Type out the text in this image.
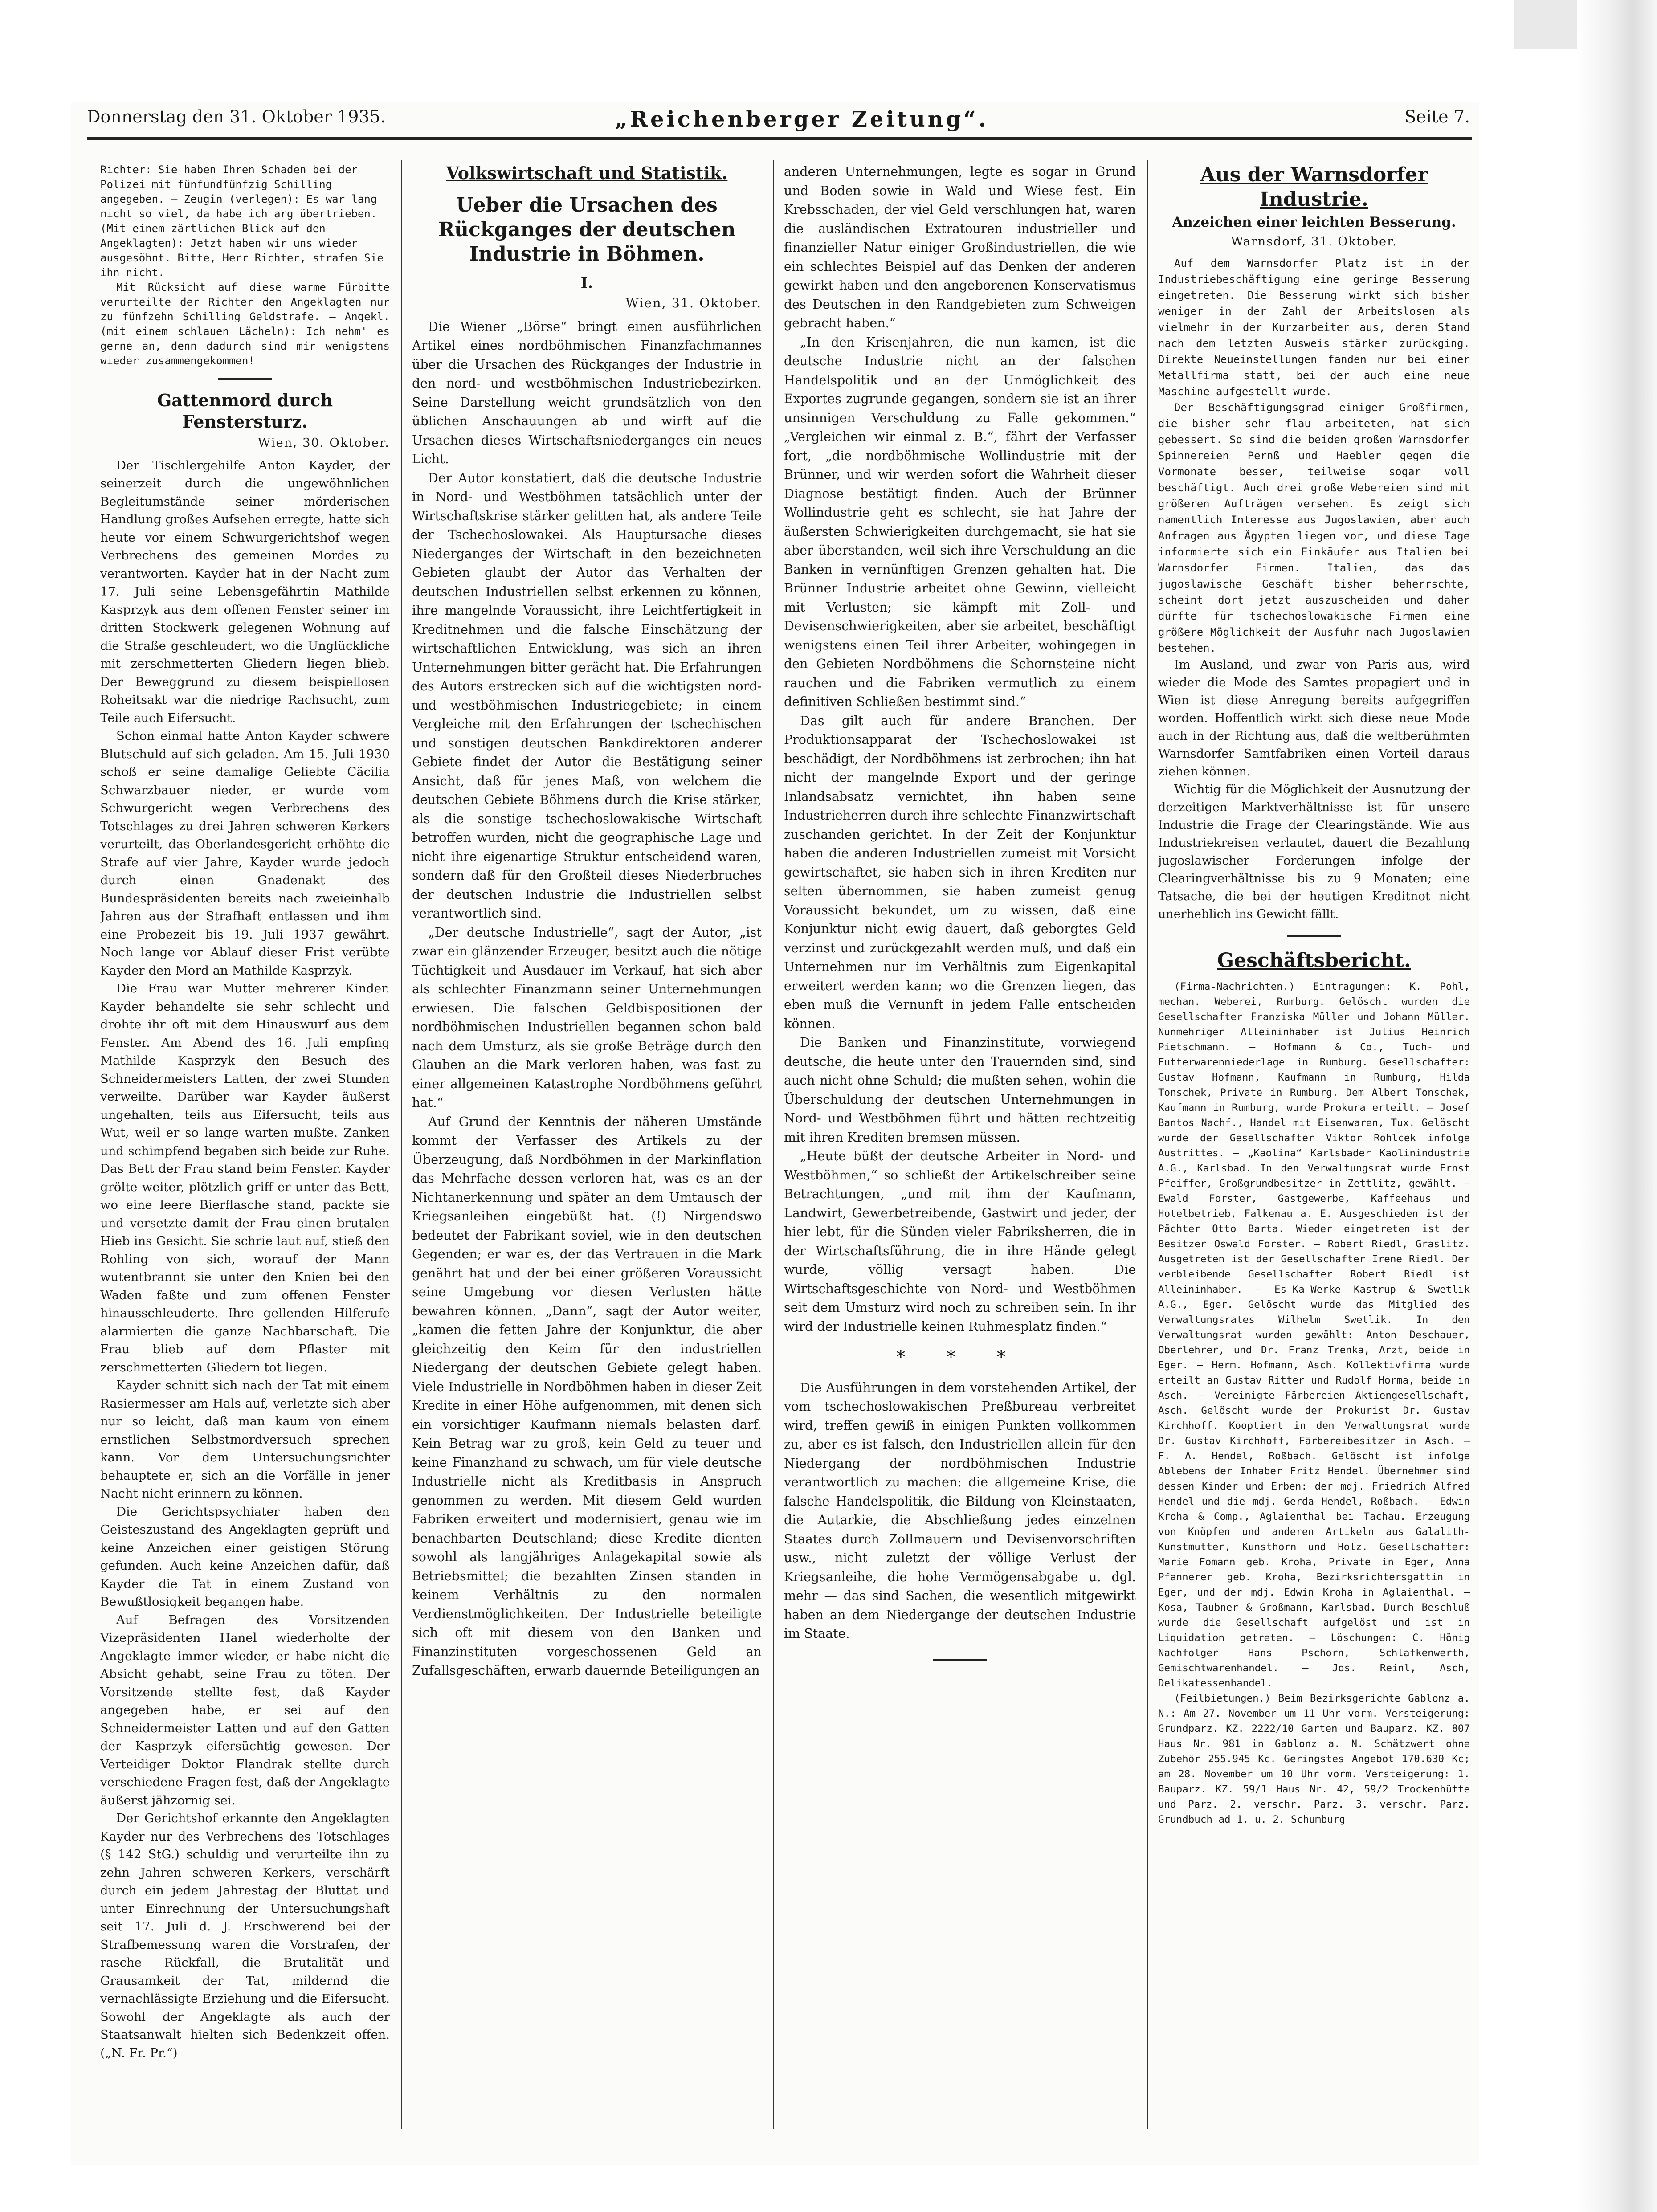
Donnerstag den 31. Oktober 1935.	„Reichenberger Zeitung“.	Seite 7.

Richter: Sie haben Ihren Schaden bei der Polizei mit fünfundfünfzig Schilling angegeben. — Zeugin (verlegen): Es war lang nicht so viel, da habe ich arg übertrieben. (Mit einem zärtlichen Blick auf den Angeklagten): Jetzt haben wir uns wieder ausgesöhnt. Bitte, Herr Richter, strafen Sie ihn nicht.

Mit Rücksicht auf diese warme Fürbitte verurteilte der Richter den Angeklagten nur zu fünfzehn Schilling Geldstrafe. — Angekl. (mit einem schlauen Lächeln): Ich nehm' es gerne an, denn dadurch sind mir wenigstens wieder zusammengekommen!

Gattenmord durch Fenstersturz.
Wien, 30. Oktober.

Der Tischlergehilfe Anton Kayder, der seinerzeit durch die ungewöhnlichen Begleitumstände seiner mörderischen Handlung großes Aufsehen erregte, hatte sich heute vor einem Schwurgerichtshof wegen Verbrechens des gemeinen Mordes zu verantworten. Kayder hat in der Nacht zum 17. Juli seine Lebensgefährtin Mathilde Kasprzyk aus dem offenen Fenster seiner im dritten Stockwerk gelegenen Wohnung auf die Straße geschleudert, wo die Unglückliche mit zerschmetterten Gliedern liegen blieb. Der Beweggrund zu diesem beispiellosen Roheitsakt war die niedrige Rachsucht, zum Teile auch Eifersucht.

Schon einmal hatte Anton Kayder schwere Blutschuld auf sich geladen. Am 15. Juli 1930 schoß er seine damalige Geliebte Cäcilia Schwarzbauer nieder, er wurde vom Schwurgericht wegen Verbrechens des Totschlages zu drei Jahren schweren Kerkers verurteilt, das Oberlandesgericht erhöhte die Strafe auf vier Jahre, Kayder wurde jedoch durch einen Gnadenakt des Bundespräsidenten bereits nach zweieinhalb Jahren aus der Strafhaft entlassen und ihm eine Probezeit bis 19. Juli 1937 gewährt. Noch lange vor Ablauf dieser Frist verübte Kayder den Mord an Mathilde Kasprzyk.

Die Frau war Mutter mehrerer Kinder. Kayder behandelte sie sehr schlecht und drohte ihr oft mit dem Hinauswurf aus dem Fenster. Am Abend des 16. Juli empfing Mathilde Kasprzyk den Besuch des Schneidermeisters Latten, der zwei Stunden verweilte. Darüber war Kayder äußerst ungehalten, teils aus Eifersucht, teils aus Wut, weil er so lange warten mußte. Zanken und schimpfend begaben sich beide zur Ruhe. Das Bett der Frau stand beim Fenster. Kayder grölte weiter, plötzlich griff er unter das Bett, wo eine leere Bierflasche stand, packte sie und versetzte damit der Frau einen brutalen Hieb ins Gesicht. Sie schrie laut auf, stieß den Rohling von sich, worauf der Mann wutentbrannt sie unter den Knien bei den Waden faßte und zum offenen Fenster hinausschleuderte. Ihre gellenden Hilferufe alarmierten die ganze Nachbarschaft. Die Frau blieb auf dem Pflaster mit zerschmetterten Gliedern tot liegen.

Kayder schnitt sich nach der Tat mit einem Rasiermesser am Hals auf, verletzte sich aber nur so leicht, daß man kaum von einem ernstlichen Selbstmordversuch sprechen kann. Vor dem Untersuchungsrichter behauptete er, sich an die Vorfälle in jener Nacht nicht erinnern zu können.

Die Gerichtspsychiater haben den Geisteszustand des Angeklagten geprüft und keine Anzeichen einer geistigen Störung gefunden. Auch keine Anzeichen dafür, daß Kayder die Tat in einem Zustand von Bewußtlosigkeit begangen habe.

Auf Befragen des Vorsitzenden Vizepräsidenten Hanel wiederholte der Angeklagte immer wieder, er habe nicht die Absicht gehabt, seine Frau zu töten. Der Vorsitzende stellte fest, daß Kayder angegeben habe, er sei auf den Schneidermeister Latten und auf den Gatten der Kasprzyk eifersüchtig gewesen. Der Verteidiger Doktor Flandrak stellte durch verschiedene Fragen fest, daß der Angeklagte äußerst jähzornig sei.

Der Gerichtshof erkannte den Angeklagten Kayder nur des Verbrechens des Totschlages (§ 142 StG.) schuldig und verurteilte ihn zu zehn Jahren schweren Kerkers, verschärft durch ein jedem Jahrestag der Bluttat und unter Einrechnung der Untersuchungshaft seit 17. Juli d. J. Erschwerend bei der Strafbemessung waren die Vorstrafen, der rasche Rückfall, die Brutalität und Grausamkeit der Tat, mildernd die vernachlässigte Erziehung und die Eifersucht. Sowohl der Angeklagte als auch der Staatsanwalt hielten sich Bedenkzeit offen. („N. Fr. Pr.“)

Volkswirtschaft und Statistik.
Ueber die Ursachen des Rückganges der deutschen Industrie in Böhmen.
I.
Wien, 31. Oktober.

Die Wiener „Börse“ bringt einen ausführlichen Artikel eines nordböhmischen Finanzfachmannes über die Ursachen des Rückganges der Industrie in den nord- und westböhmischen Industriebezirken. Seine Darstellung weicht grundsätzlich von den üblichen Anschauungen ab und wirft auf die Ursachen dieses Wirtschaftsniederganges ein neues Licht.

Der Autor konstatiert, daß die deutsche Industrie in Nord- und Westböhmen tatsächlich unter der Wirtschaftskrise stärker gelitten hat, als andere Teile der Tschechoslowakei. Als Hauptursache dieses Niederganges der Wirtschaft in den bezeichneten Gebieten glaubt der Autor das Verhalten der deutschen Industriellen selbst erkennen zu können, ihre mangelnde Voraussicht, ihre Leichtfertigkeit in Kreditnehmen und die falsche Einschätzung der wirtschaftlichen Entwicklung, was sich an ihren Unternehmungen bitter gerächt hat. Die Erfahrungen des Autors erstrecken sich auf die wichtigsten nord- und westböhmischen Industriegebiete; in einem Vergleiche mit den Erfahrungen der tschechischen und sonstigen deutschen Bankdirektoren anderer Gebiete findet der Autor die Bestätigung seiner Ansicht, daß für jenes Maß, von welchem die deutschen Gebiete Böhmens durch die Krise stärker, als die sonstige tschechoslowakische Wirtschaft betroffen wurden, nicht die geographische Lage und nicht ihre eigenartige Struktur entscheidend waren, sondern daß für den Großteil dieses Niederbruches der deutschen Industrie die Industriellen selbst verantwortlich sind.

„Der deutsche Industrielle“, sagt der Autor, „ist zwar ein glänzender Erzeuger, besitzt auch die nötige Tüchtigkeit und Ausdauer im Verkauf, hat sich aber als schlechter Finanzmann seiner Unternehmungen erwiesen. Die falschen Geldbispositionen der nordböhmischen Industriellen begannen schon bald nach dem Umsturz, als sie große Beträge durch den Glauben an die Mark verloren haben, was fast zu einer allgemeinen Katastrophe Nordböhmens geführt hat.“

Auf Grund der Kenntnis der näheren Umstände kommt der Verfasser des Artikels zu der Überzeugung, daß Nordböhmen in der Markinflation das Mehrfache dessen verloren hat, was es an der Nichtanerkennung und später an dem Umtausch der Kriegsanleihen eingebüßt hat. (!) Nirgendswo bedeutet der Fabrikant soviel, wie in den deutschen Gegenden; er war es, der das Vertrauen in die Mark genährt hat und der bei einer größeren Voraussicht seine Umgebung vor diesen Verlusten hätte bewahren können. „Dann“, sagt der Autor weiter, „kamen die fetten Jahre der Konjunktur, die aber gleichzeitig den Keim für den industriellen Niedergang der deutschen Gebiete gelegt haben. Viele Industrielle in Nordböhmen haben in dieser Zeit Kredite in einer Höhe aufgenommen, mit denen sich ein vorsichtiger Kaufmann niemals belasten darf. Kein Betrag war zu groß, kein Geld zu teuer und keine Finanzhand zu schwach, um für viele deutsche Industrielle nicht als Kreditbasis in Anspruch genommen zu werden. Mit diesem Geld wurden Fabriken erweitert und modernisiert, genau wie im benachbarten Deutschland; diese Kredite dienten sowohl als langjähriges Anlagekapital sowie als Betriebsmittel; die bezahlten Zinsen standen in keinem Verhältnis zu den normalen Verdienstmöglichkeiten. Der Industrielle beteiligte sich oft mit diesem von den Banken und Finanzinstituten vorgeschossenen Geld an Zufallsgeschäften, erwarb dauernde Beteiligungen an

anderen Unternehmungen, legte es sogar in Grund und Boden sowie in Wald und Wiese fest. Ein Krebsschaden, der viel Geld verschlungen hat, waren die ausländischen Extratouren industrieller und finanzieller Natur einiger Großindustriellen, die wie ein schlechtes Beispiel auf das Denken der anderen gewirkt haben und den angeborenen Konservatismus des Deutschen in den Randgebieten zum Schweigen gebracht haben.“

„In den Krisenjahren, die nun kamen, ist die deutsche Industrie nicht an der falschen Handelspolitik und an der Unmöglichkeit des Exportes zugrunde gegangen, sondern sie ist an ihrer unsinnigen Verschuldung zu Falle gekommen.“ „Vergleichen wir einmal z. B.“, fährt der Verfasser fort, „die nordböhmische Wollindustrie mit der Brünner, und wir werden sofort die Wahrheit dieser Diagnose bestätigt finden. Auch der Brünner Wollindustrie geht es schlecht, sie hat Jahre der äußersten Schwierigkeiten durchgemacht, sie hat sie aber überstanden, weil sich ihre Verschuldung an die Banken in vernünftigen Grenzen gehalten hat. Die Brünner Industrie arbeitet ohne Gewinn, vielleicht mit Verlusten; sie kämpft mit Zoll- und Devisenschwierigkeiten, aber sie arbeitet, beschäftigt wenigstens einen Teil ihrer Arbeiter, wohingegen in den Gebieten Nordböhmens die Schornsteine nicht rauchen und die Fabriken vermutlich zu einem definitiven Schließen bestimmt sind.“

Das gilt auch für andere Branchen. Der Produktionsapparat der Tschechoslowakei ist beschädigt, der Nordböhmens ist zerbrochen; ihn hat nicht der mangelnde Export und der geringe Inlandsabsatz vernichtet, ihn haben seine Industrieherren durch ihre schlechte Finanzwirtschaft zuschanden gerichtet. In der Zeit der Konjunktur haben die anderen Industriellen zumeist mit Vorsicht gewirtschaftet, sie haben sich in ihren Krediten nur selten übernommen, sie haben zumeist genug Voraussicht bekundet, um zu wissen, daß eine Konjunktur nicht ewig dauert, daß geborgtes Geld verzinst und zurückgezahlt werden muß, und daß ein Unternehmen nur im Verhältnis zum Eigenkapital erweitert werden kann; wo die Grenzen liegen, das eben muß die Vernunft in jedem Falle entscheiden können.

Die Banken und Finanzinstitute, vorwiegend deutsche, die heute unter den Trauernden sind, sind auch nicht ohne Schuld; die mußten sehen, wohin die Überschuldung der deutschen Unternehmungen in Nord- und Westböhmen führt und hätten rechtzeitig mit ihren Krediten bremsen müssen.

„Heute büßt der deutsche Arbeiter in Nord- und Westböhmen,“ so schließt der Artikelschreiber seine Betrachtungen, „und mit ihm der Kaufmann, Landwirt, Gewerbetreibende, Gastwirt und jeder, der hier lebt, für die Sünden vieler Fabriksherren, die in der Wirtschaftsführung, die in ihre Hände gelegt wurde, völlig versagt haben. Die Wirtschaftsgeschichte von Nord- und Westböhmen seit dem Umsturz wird noch zu schreiben sein. In ihr wird der Industrielle keinen Ruhmesplatz finden.“

* * *

Die Ausführungen in dem vorstehenden Artikel, der vom tschechoslowakischen Preßbureau verbreitet wird, treffen gewiß in einigen Punkten vollkommen zu, aber es ist falsch, den Industriellen allein für den Niedergang der nordböhmischen Industrie verantwortlich zu machen: die allgemeine Krise, die falsche Handelspolitik, die Bildung von Kleinstaaten, die Autarkie, die Abschließung jedes einzelnen Staates durch Zollmauern und Devisenvorschriften usw., nicht zuletzt der völlige Verlust der Kriegsanleihe, die hohe Vermögensabgabe u. dgl. mehr — das sind Sachen, die wesentlich mitgewirkt haben an dem Niedergange der deutschen Industrie im Staate.

Aus der Warnsdorfer Industrie.
Anzeichen einer leichten Besserung.
Warnsdorf, 31. Oktober.

Auf dem Warnsdorfer Platz ist in der Industriebeschäftigung eine geringe Besserung eingetreten. Die Besserung wirkt sich bisher weniger in der Zahl der Arbeitslosen als vielmehr in der Kurzarbeiter aus, deren Stand nach dem letzten Ausweis stärker zurückging. Direkte Neueinstellungen fanden nur bei einer Metallfirma statt, bei der auch eine neue Maschine aufgestellt wurde.

Der Beschäftigungsgrad einiger Großfirmen, die bisher sehr flau arbeiteten, hat sich gebessert. So sind die beiden großen Warnsdorfer Spinnereien Pernß und Haebler gegen die Vormonate besser, teilweise sogar voll beschäftigt. Auch drei große Webereien sind mit größeren Aufträgen versehen. Es zeigt sich namentlich Interesse aus Jugoslawien, aber auch Anfragen aus Ägypten liegen vor, und diese Tage informierte sich ein Einkäufer aus Italien bei Warnsdorfer Firmen. Italien, das das jugoslawische Geschäft bisher beherrschte, scheint dort jetzt auszuscheiden und daher dürfte für tschechoslowakische Firmen eine größere Möglichkeit der Ausfuhr nach Jugoslawien bestehen.

Im Ausland, und zwar von Paris aus, wird wieder die Mode des Samtes propagiert und in Wien ist diese Anregung bereits aufgegriffen worden. Hoffentlich wirkt sich diese neue Mode auch in der Richtung aus, daß die weltberühmten Warnsdorfer Samtfabriken einen Vorteil daraus ziehen können.

Wichtig für die Möglichkeit der Ausnutzung der derzeitigen Marktverhältnisse ist für unsere Industrie die Frage der Clearingstände. Wie aus Industriekreisen verlautet, dauert die Bezahlung jugoslawischer Forderungen infolge der Clearingverhältnisse bis zu 9 Monaten; eine Tatsache, die bei der heutigen Kreditnot nicht unerheblich ins Gewicht fällt.

Geschäftsbericht.

(Firma-Nachrichten.) Eintragungen: K. Pohl, mechan. Weberei, Rumburg. Gelöscht wurden die Gesellschafter Franziska Müller und Johann Müller. Nunmehriger Alleininhaber ist Julius Heinrich Pietschmann. — Hofmann & Co., Tuch- und Futterwarenniederlage in Rumburg. Gesellschafter: Gustav Hofmann, Kaufmann in Rumburg, Hilda Tonschek, Private in Rumburg. Dem Albert Tonschek, Kaufmann in Rumburg, wurde Prokura erteilt. — Josef Bantos Nachf., Handel mit Eisenwaren, Tux. Gelöscht wurde der Gesellschafter Viktor Rohlcek infolge Austrittes. — „Kaolina“ Karlsbader Kaolinindustrie A.G., Karlsbad. In den Verwaltungsrat wurde Ernst Pfeiffer, Großgrundbesitzer in Zettlitz, gewählt. — Ewald Forster, Gastgewerbe, Kaffeehaus und Hotelbetrieb, Falkenau a. E. Ausgeschieden ist der Pächter Otto Barta. Wieder eingetreten ist der Besitzer Oswald Forster. — Robert Riedl, Graslitz. Ausgetreten ist der Gesellschafter Irene Riedl. Der verbleibende Gesellschafter Robert Riedl ist Alleininhaber. — Es-Ka-Werke Kastrup & Swetlik A.G., Eger. Gelöscht wurde das Mitglied des Verwaltungsrates Wilhelm Swetlik. In den Verwaltungsrat wurden gewählt: Anton Deschauer, Oberlehrer, und Dr. Franz Trenka, Arzt, beide in Eger. — Herm. Hofmann, Asch. Kollektivfirma wurde erteilt an Gustav Ritter und Rudolf Horma, beide in Asch. — Vereinigte Färbereien Aktiengesellschaft, Asch. Gelöscht wurde der Prokurist Dr. Gustav Kirchhoff. Kooptiert in den Verwaltungsrat wurde Dr. Gustav Kirchhoff, Färbereibesitzer in Asch. — F. A. Hendel, Roßbach. Gelöscht ist infolge Ablebens der Inhaber Fritz Hendel. Übernehmer sind dessen Kinder und Erben: der mdj. Friedrich Alfred Hendel und die mdj. Gerda Hendel, Roßbach. — Edwin Kroha & Comp., Aglaienthal bei Tachau. Erzeugung von Knöpfen und anderen Artikeln aus Galalith-Kunstmutter, Kunsthorn und Holz. Gesellschafter: Marie Fomann geb. Kroha, Private in Eger, Anna Pfannerer geb. Kroha, Bezirksrichtersgattin in Eger, und der mdj. Edwin Kroha in Aglaienthal. — Kosa, Taubner & Großmann, Karlsbad. Durch Beschluß wurde die Gesellschaft aufgelöst und ist in Liquidation getreten. — Löschungen: C. Hönig Nachfolger Hans Pschorn, Schlafkenwerth, Gemischtwarenhandel. — Jos. Reinl, Asch, Delikatessenhandel.

(Feilbietungen.) Beim Bezirksgerichte Gablonz a. N.: Am 27. November um 11 Uhr vorm. Versteigerung: Grundparz. KZ. 2222/10 Garten und Bauparz. KZ. 807 Haus Nr. 981 in Gablonz a. N. Schätzwert ohne Zubehör 255.945 Kc. Geringstes Angebot 170.630 Kc; am 28. November um 10 Uhr vorm. Versteigerung: 1. Bauparz. KZ. 59/1 Haus Nr. 42, 59/2 Trockenhütte und Parz. 2. verschr. Parz. 3. verschr. Parz. Grundbuch ad 1. u. 2. Schumburg
